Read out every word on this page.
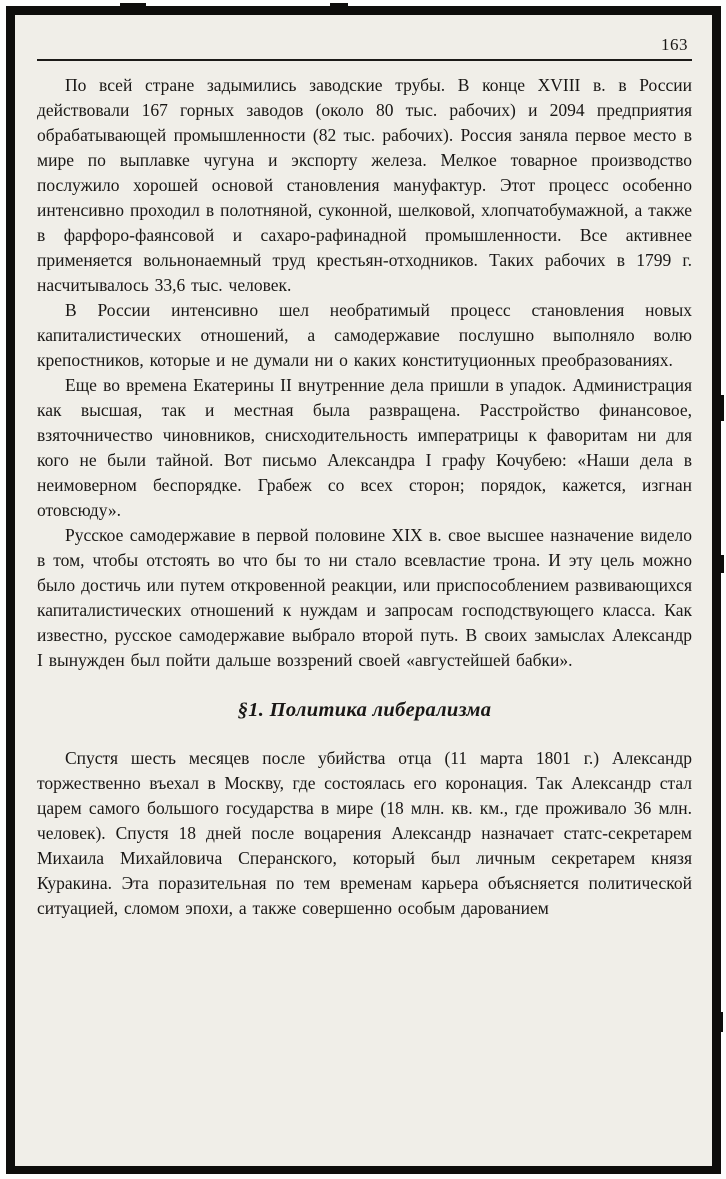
163

По всей стране задымились заводские трубы. В конце XVIII в. в России действовали 167 горных заводов (около 80 тыс. рабочих) и 2094 предприятия обрабатывающей промышленности (82 тыс. рабочих). Россия заняла первое место в мире по выплавке чугуна и экспорту железа. Мелкое товарное производство послужило хорошей основой становления мануфактур. Этот процесс особенно интенсивно проходил в полотняной, суконной, шелковой, хлопчатобумажной, а также в фарфоро-фаянсовой и сахаро-рафинадной промышленности. Все активнее применяется вольнонаемный труд крестьян-отходников. Таких рабочих в 1799 г. насчитывалось 33,6 тыс. человек.

В России интенсивно шел необратимый процесс становления новых капиталистических отношений, а самодержавие послушно выполняло волю крепостников, которые и не думали ни о каких конституционных преобразованиях.

Еще во времена Екатерины II внутренние дела пришли в упадок. Администрация как высшая, так и местная была развращена. Расстройство финансовое, взяточничество чиновников, снисходительность императрицы к фаворитам ни для кого не были тайной. Вот письмо Александра I графу Кочубею: «Наши дела в неимоверном беспорядке. Грабеж со всех сторон; порядок, кажется, изгнан отовсюду».

Русское самодержавие в первой половине XIX в. свое высшее назначение видело в том, чтобы отстоять во что бы то ни стало всевластие трона. И эту цель можно было достичь или путем откровенной реакции, или приспособлением развивающихся капиталистических отношений к нуждам и запросам господствующего класса. Как известно, русское самодержавие выбрало второй путь. В своих замыслах Александр I вынужден был пойти дальше воззрений своей «августейшей бабки».

§1. Политика либерализма

Спустя шесть месяцев после убийства отца (11 марта 1801 г.) Александр торжественно въехал в Москву, где состоялась его коронация. Так Александр стал царем самого большого государства в мире (18 млн. кв. км., где проживало 36 млн. человек). Спустя 18 дней после воцарения Александр назначает статс-секретарем Михаила Михайловича Сперанского, который был личным секретарем князя Куракина. Эта поразительная по тем временам карьера объясняется политической ситуацией, сломом эпохи, а также совершенно особым дарованием
